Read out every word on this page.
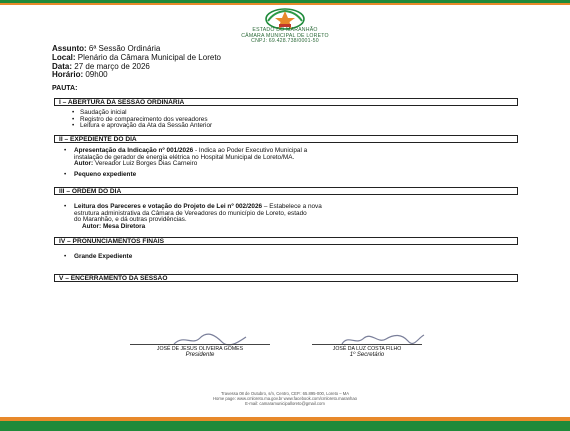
ESTADO DO MARANHÃO
CÂMARA MUNICIPAL DE LORETO
CNPJ: 69.428.738/0001-50
Assunto: 6ª Sessão Ordinária
Local: Plenário da Câmara Municipal de Loreto
Data: 27 de março de 2026
Horário: 09h00
PAUTA:
I – ABERTURA DA SESSÃO ORDINÁRIA
• Saudação inicial
• Registro de comparecimento dos vereadores
• Leitura e aprovação da Ata da Sessão Anterior
II – EXPEDIENTE DO DIA
• Apresentação da Indicação nº 001/2026 - Indica ao Poder Executivo Municipal a
instalação de gerador de energia elétrica no Hospital Municipal de Loreto/MA.
Autor: Vereador Luiz Borges Dias Carneiro
• Pequeno expediente
III – ORDEM DO DIA
• Leitura dos Pareceres e votação do Projeto de Lei nº 002/2026 – Estabelece a nova
estrutura administrativa da Câmara de Vereadores do município de Loreto, estado
do Maranhão, e dá outras providências.
Autor: Mesa Diretora
IV – PRONUNCIAMENTOS FINAIS
• Grande Expediente
V – ENCERRAMENTO DA SESSÃO
JOSÉ DE JESUS OLIVEIRA GOMES
Presidente
JOSÉ DA LUZ COSTA FILHO
1º Secretário
Travessa 08 de Outubro, s/n, Centro, CEP.: 65.895-000, Loreto – MA
Home page: www.cmloreto.ma.gov.br www.facebook.com/cmloreto.maranhao
E-mail: camaramunicipalloreto@gmail.com
